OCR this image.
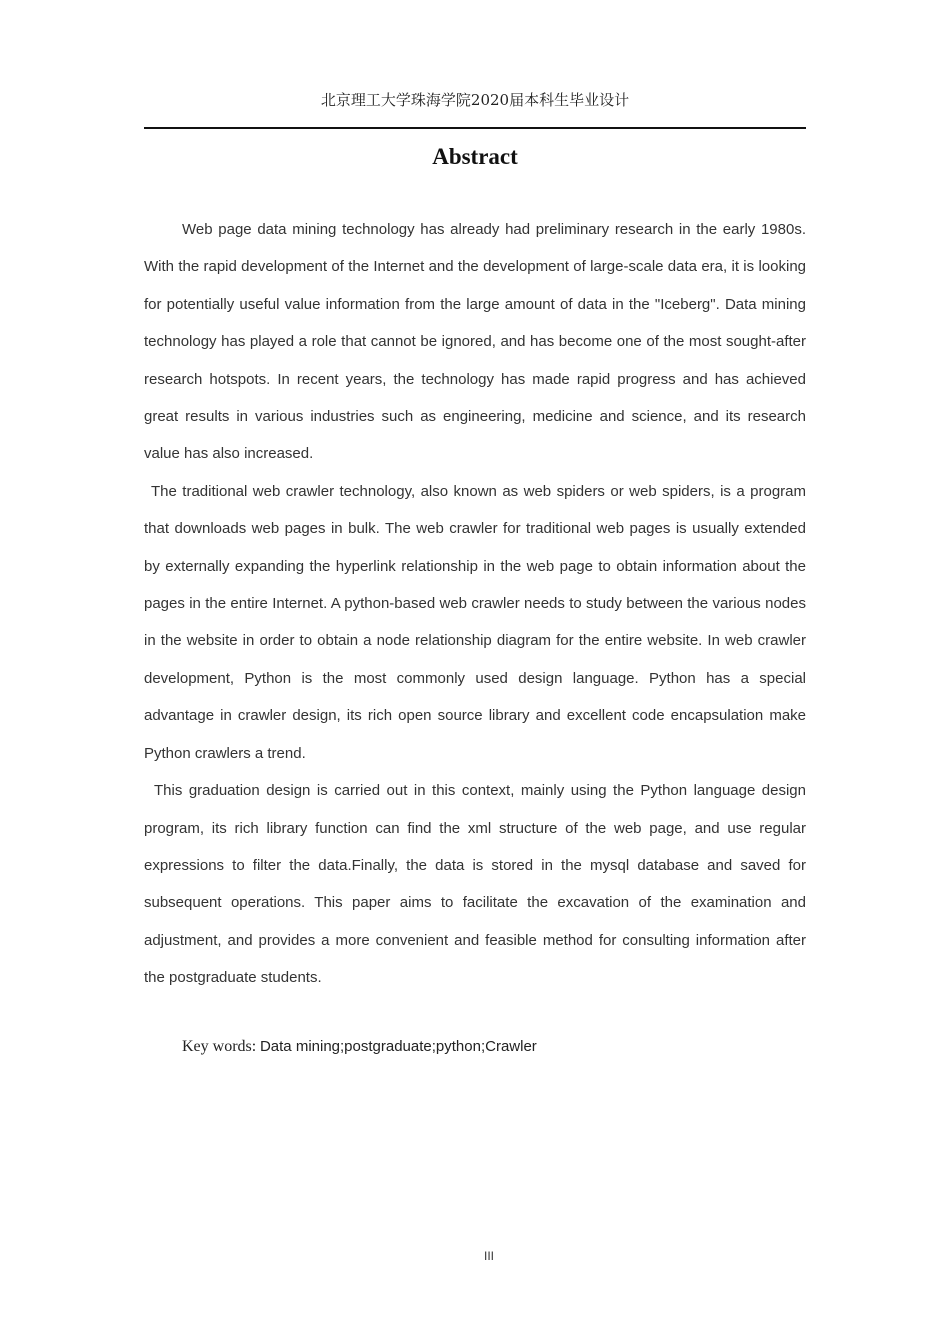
北京理工大学珠海学院2020届本科生毕业设计
Abstract

Web page data mining technology has already had preliminary research in the early 1980s. With the rapid development of the Internet and the development of large-scale data era, it is looking for potentially useful value information from the large amount of data in the "Iceberg". Data mining technology has played a role that cannot be ignored, and has become one of the most sought-after research hotspots. In recent years, the technology has made rapid progress and has achieved great results in various industries such as engineering, medicine and science, and its research value has also increased.

The traditional web crawler technology, also known as web spiders or web spiders, is a program that downloads web pages in bulk. The web crawler for traditional web pages is usually extended by externally expanding the hyperlink relationship in the web page to obtain information about the pages in the entire Internet. A python-based web crawler needs to study between the various nodes in the website in order to obtain a node relationship diagram for the entire website. In web crawler development, Python is the most commonly used design language. Python has a special advantage in crawler design, its rich open source library and excellent code encapsulation make Python crawlers a trend.

This graduation design is carried out in this context, mainly using the Python language design program, its rich library function can find the xml structure of the web page, and use regular expressions to filter the data.Finally, the data is stored in the mysql database and saved for subsequent operations. This paper aims to facilitate the excavation of the examination and adjustment, and provides a more convenient and feasible method for consulting information after the postgraduate students.

Key words: Data mining;postgraduate;python;Crawler
III
